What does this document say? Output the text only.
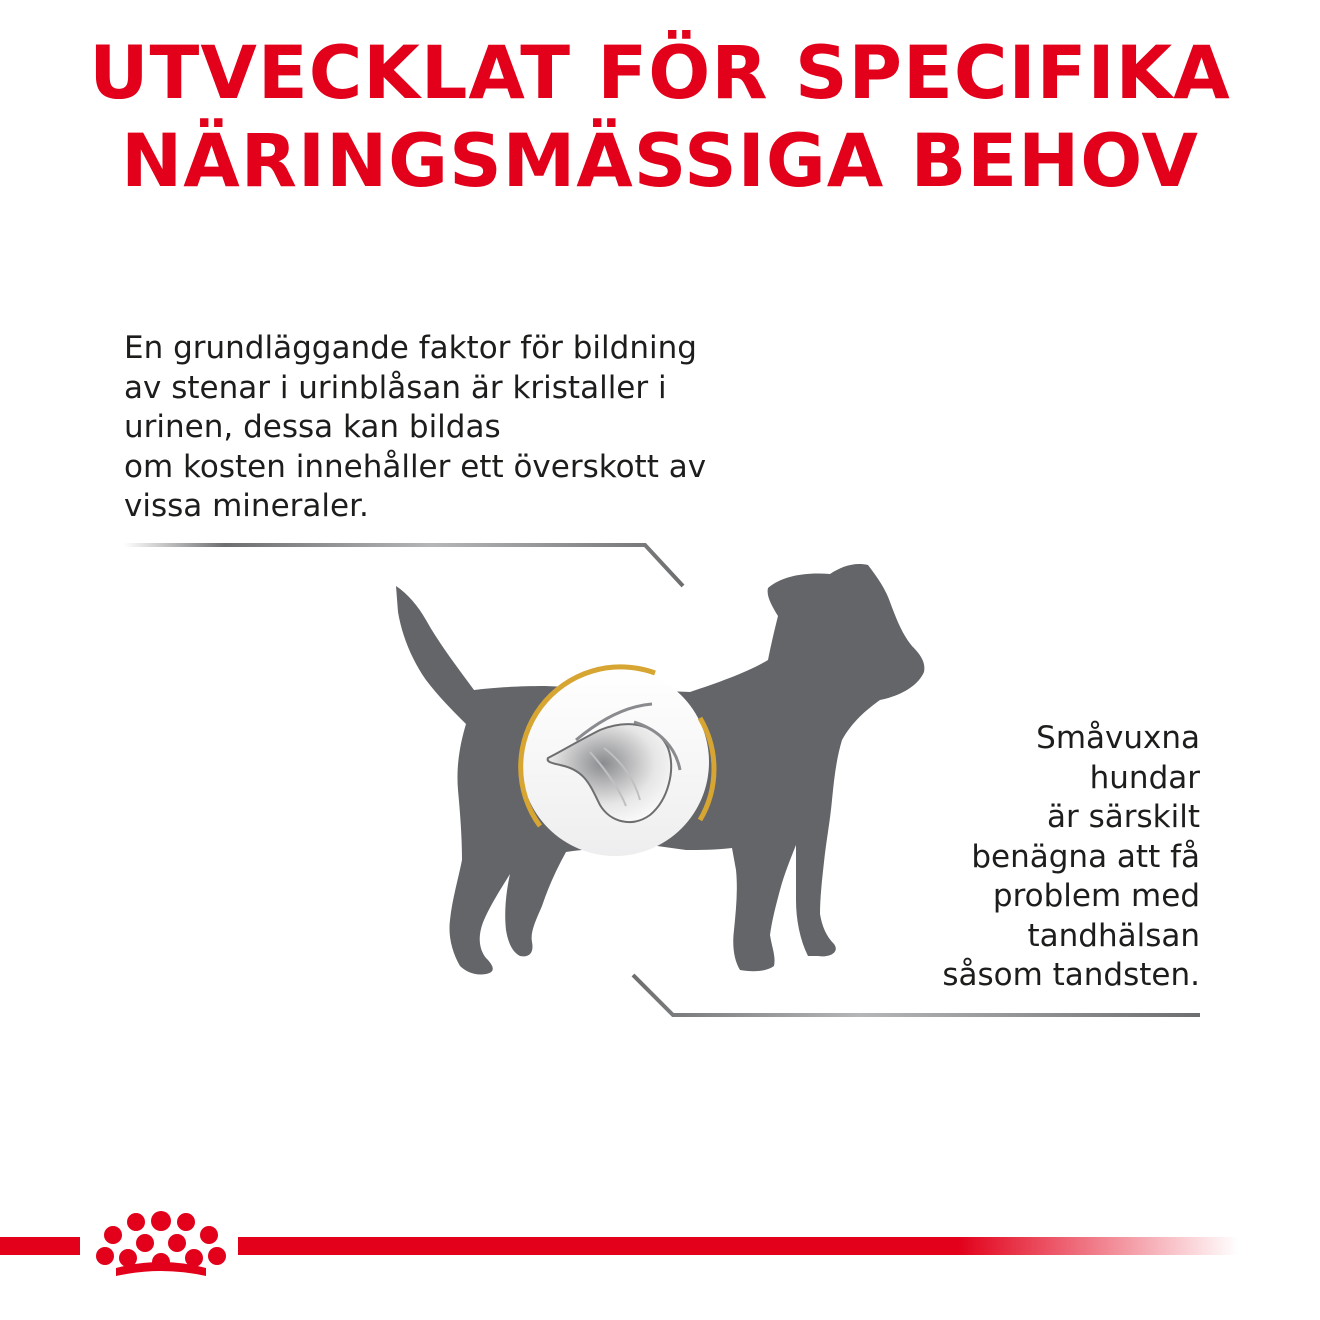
UTVECKLAT FÖR SPECIFIKA
NÄRINGSMÄSSIGA BEHOV
En grundläggande faktor för bildning
av stenar i urinblåsan är kristaller i
urinen, dessa kan bildas
om kosten innehåller ett överskott av
vissa mineraler.
Småvuxna
hundar
är särskilt
benägna att få
problem med
tandhälsan
såsom tandsten.
